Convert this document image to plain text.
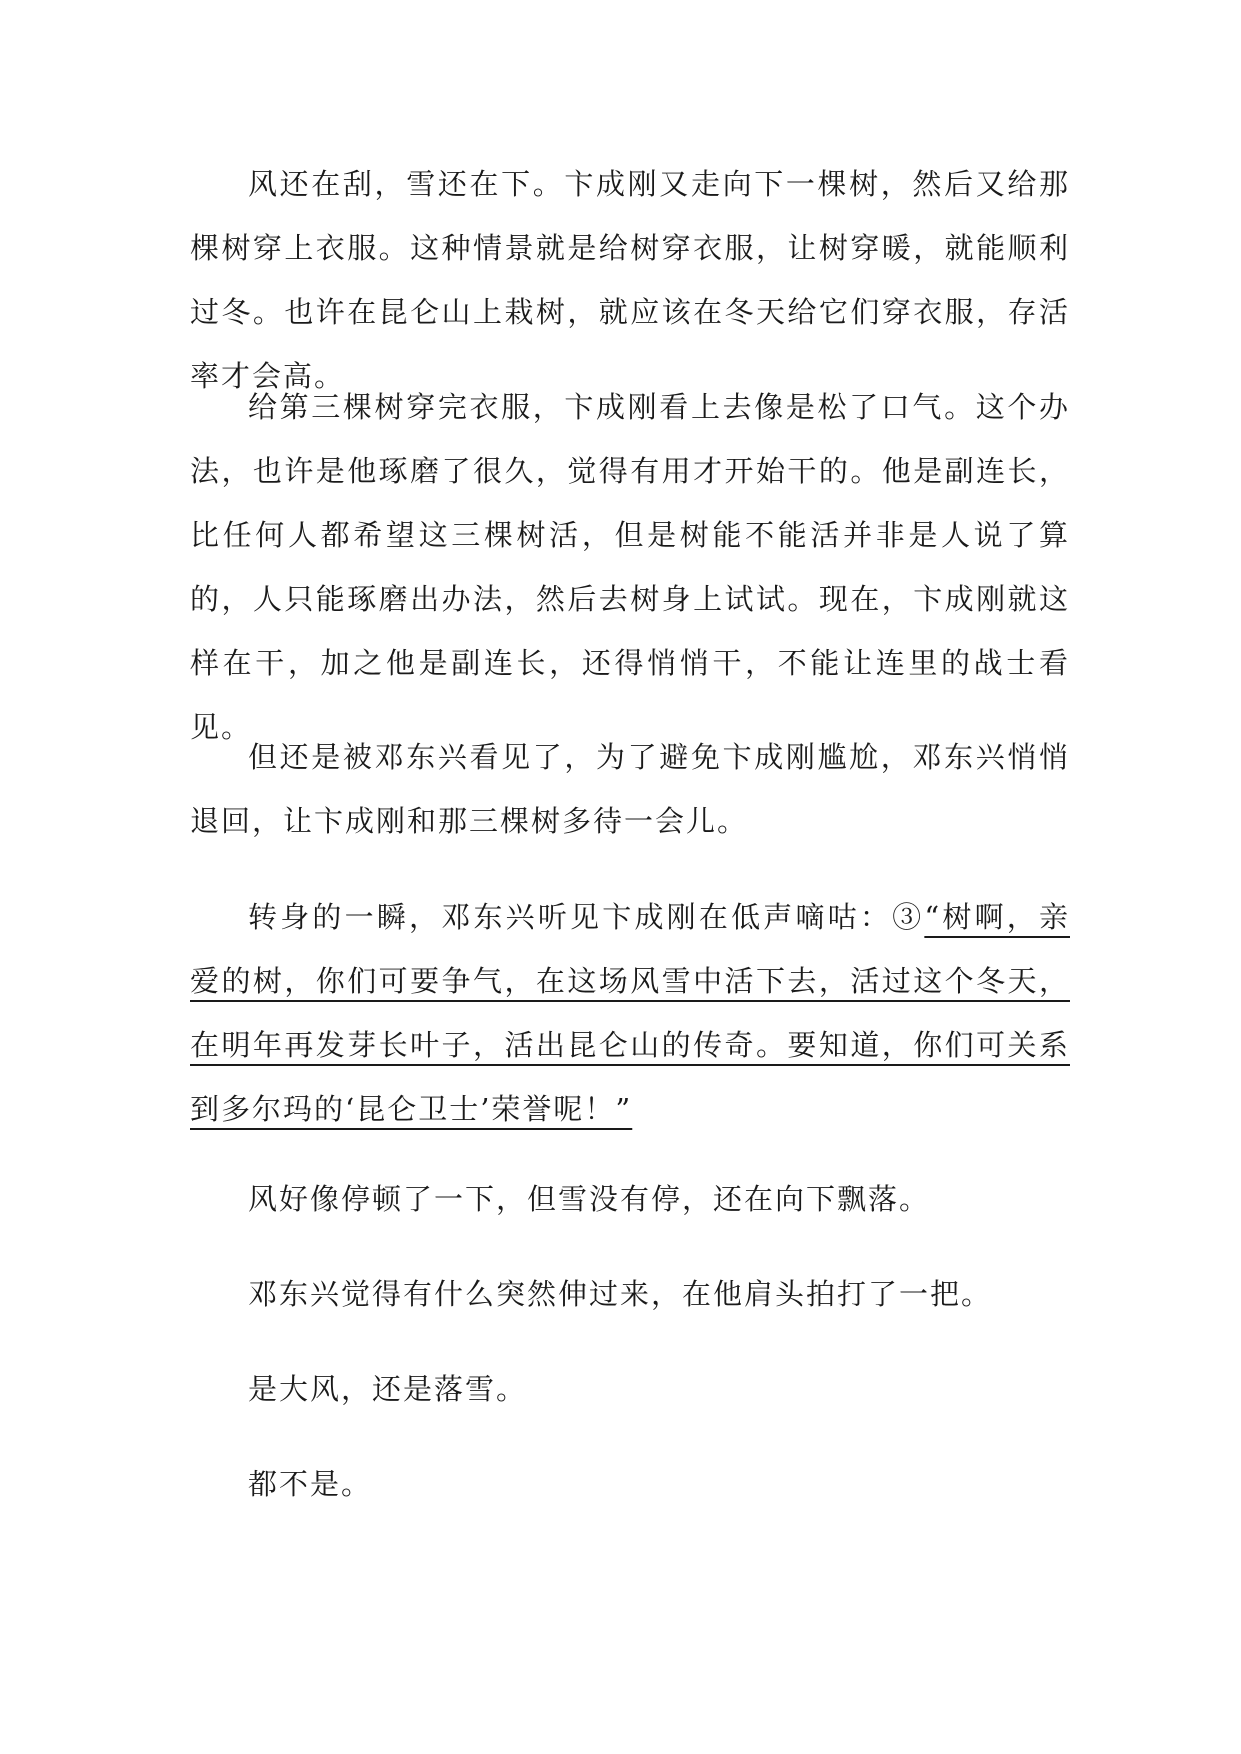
风还在刮，雪还在下。卞成刚又走向下一棵树，然后又给那棵树穿上衣服。这种情景就是给树穿衣服，让树穿暖，就能顺利过冬。也许在昆仑山上栽树，就应该在冬天给它们穿衣服，存活率才会高。

给第三棵树穿完衣服，卞成刚看上去像是松了口气。这个办法，也许是他琢磨了很久，觉得有用才开始干的。他是副连长，比任何人都希望这三棵树活，但是树能不能活并非是人说了算的，人只能琢磨出办法，然后去树身上试试。现在，卞成刚就这样在干，加之他是副连长，还得悄悄干，不能让连里的战士看见。

但还是被邓东兴看见了，为了避免卞成刚尴尬，邓东兴悄悄退回，让卞成刚和那三棵树多待一会儿。

转身的一瞬，邓东兴听见卞成刚在低声嘀咕：③“树啊，亲爱的树，你们可要争气，在这场风雪中活下去，活过这个冬天，在明年再发芽长叶子，活出昆仑山的传奇。要知道，你们可关系到多尔玛的‘昆仑卫士’荣誉呢！”

风好像停顿了一下，但雪没有停，还在向下飘落。

邓东兴觉得有什么突然伸过来，在他肩头拍打了一把。

是大风，还是落雪。

都不是。
